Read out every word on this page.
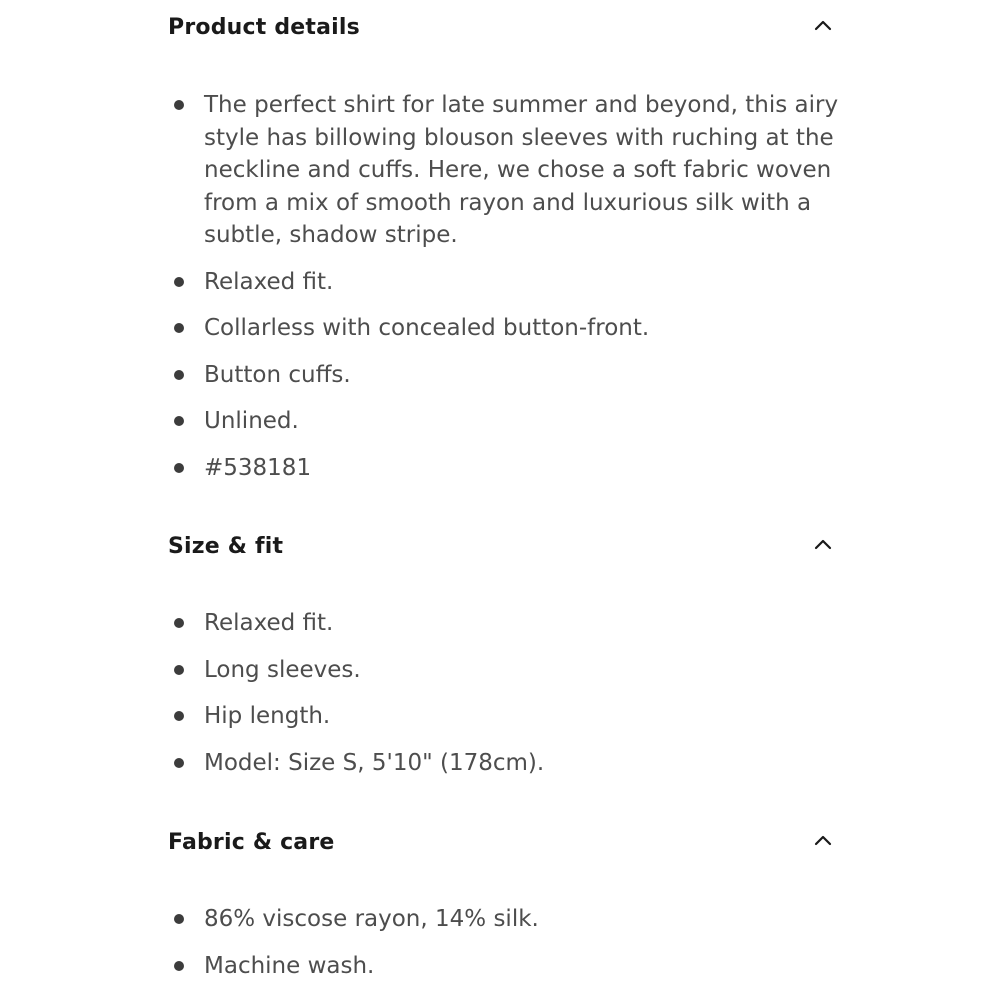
Product details
The perfect shirt for late summer and beyond, this airy style has billowing blouson sleeves with ruching at the neckline and cuffs. Here, we chose a soft fabric woven from a mix of smooth rayon and luxurious silk with a subtle, shadow stripe.
Relaxed fit.
Collarless with concealed button-front.
Button cuffs.
Unlined.
#538181
Size & fit
Relaxed fit.
Long sleeves.
Hip length.
Model: Size S, 5'10" (178cm).
Fabric & care
86% viscose rayon, 14% silk.
Machine wash.
